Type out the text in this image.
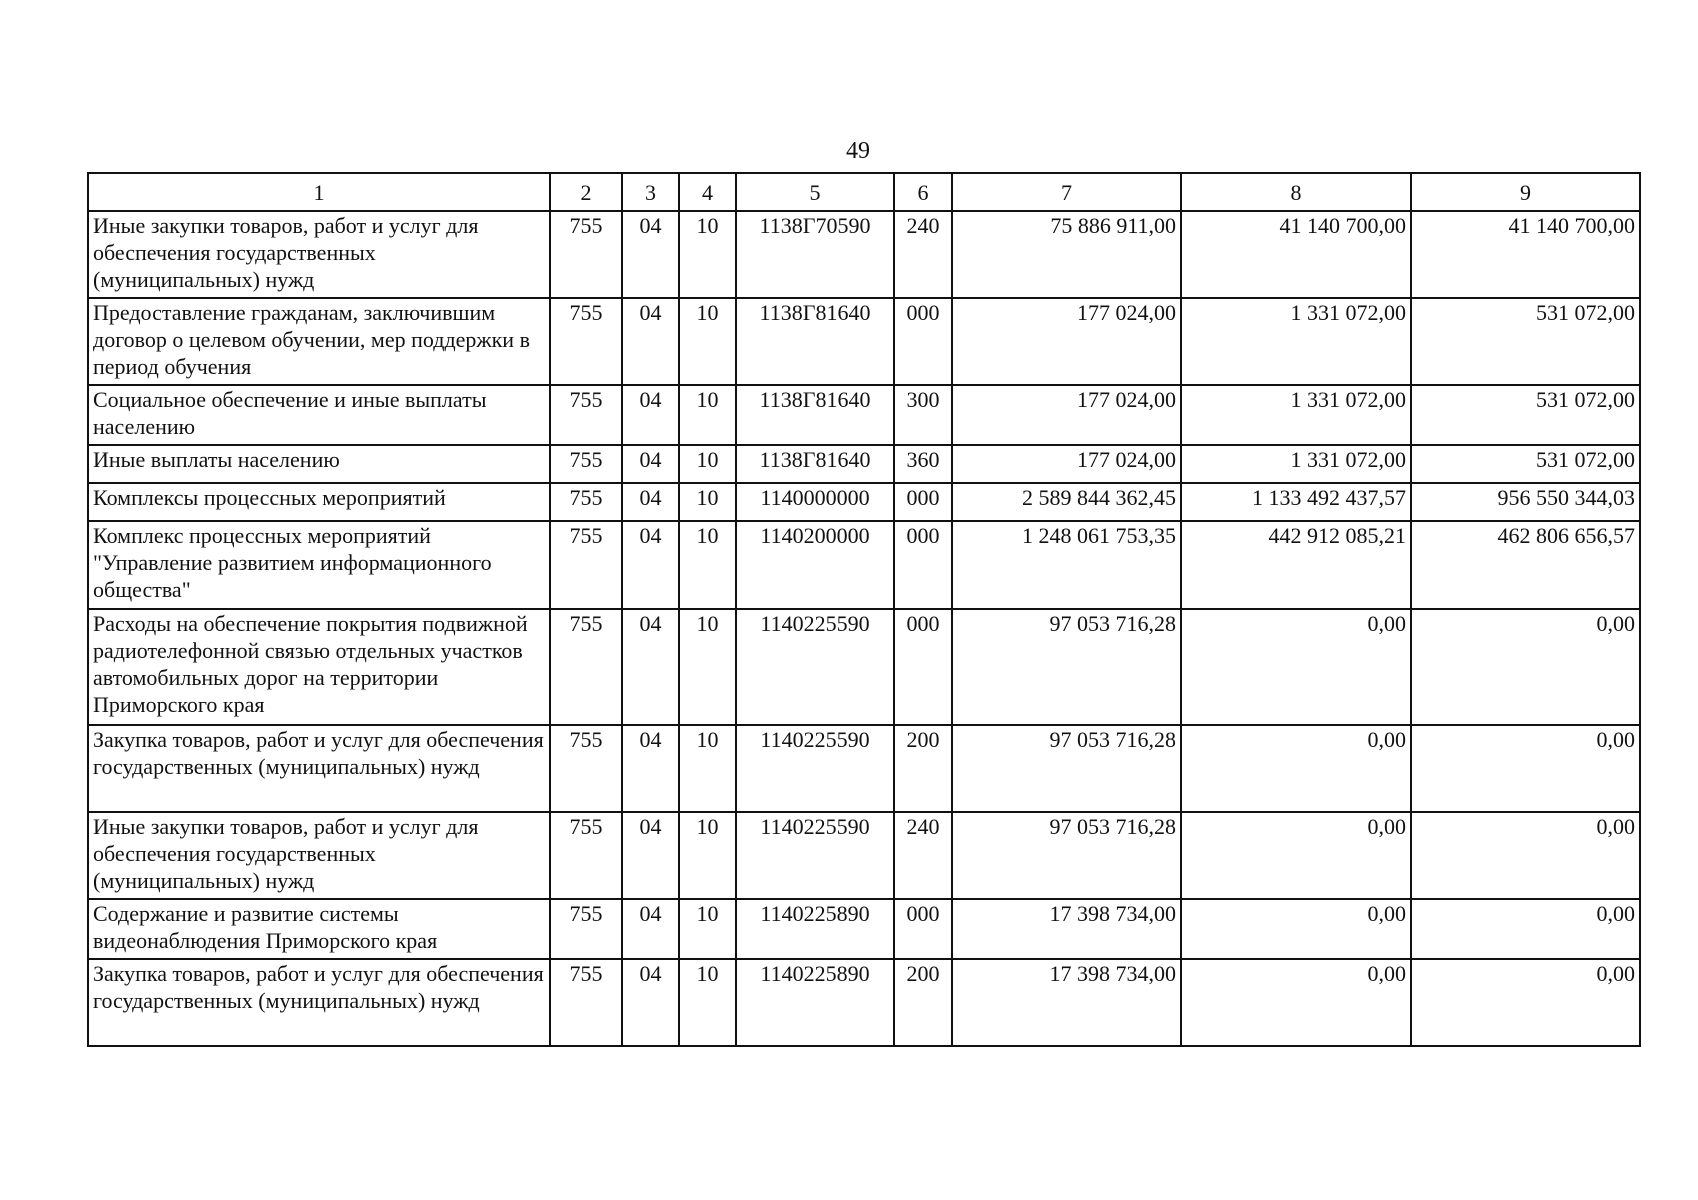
49
1	2	3	4	5	6	7	8	9
Иные закупки товаров, работ и услуг для обеспечения государственных (муниципальных) нужд	755	04	10	1138Г70590	240	75 886 911,00	41 140 700,00	41 140 700,00
Предоставление гражданам, заключившим договор о целевом обучении, мер поддержки в период обучения	755	04	10	1138Г81640	000	177 024,00	1 331 072,00	531 072,00
Социальное обеспечение и иные выплаты населению	755	04	10	1138Г81640	300	177 024,00	1 331 072,00	531 072,00
Иные выплаты населению	755	04	10	1138Г81640	360	177 024,00	1 331 072,00	531 072,00
Комплексы процессных мероприятий	755	04	10	1140000000	000	2 589 844 362,45	1 133 492 437,57	956 550 344,03
Комплекс процессных мероприятий "Управление развитием информационного общества"	755	04	10	1140200000	000	1 248 061 753,35	442 912 085,21	462 806 656,57
Расходы на обеспечение покрытия подвижной радиотелефонной связью отдельных участков автомобильных дорог на территории Приморского края	755	04	10	1140225590	000	97 053 716,28	0,00	0,00
Закупка товаров, работ и услуг для обеспечения государственных (муниципальных) нужд	755	04	10	1140225590	200	97 053 716,28	0,00	0,00
Иные закупки товаров, работ и услуг для обеспечения государственных (муниципальных) нужд	755	04	10	1140225590	240	97 053 716,28	0,00	0,00
Содержание и развитие системы видеонаблюдения Приморского края	755	04	10	1140225890	000	17 398 734,00	0,00	0,00
Закупка товаров, работ и услуг для обеспечения государственных (муниципальных) нужд	755	04	10	1140225890	200	17 398 734,00	0,00	0,00
